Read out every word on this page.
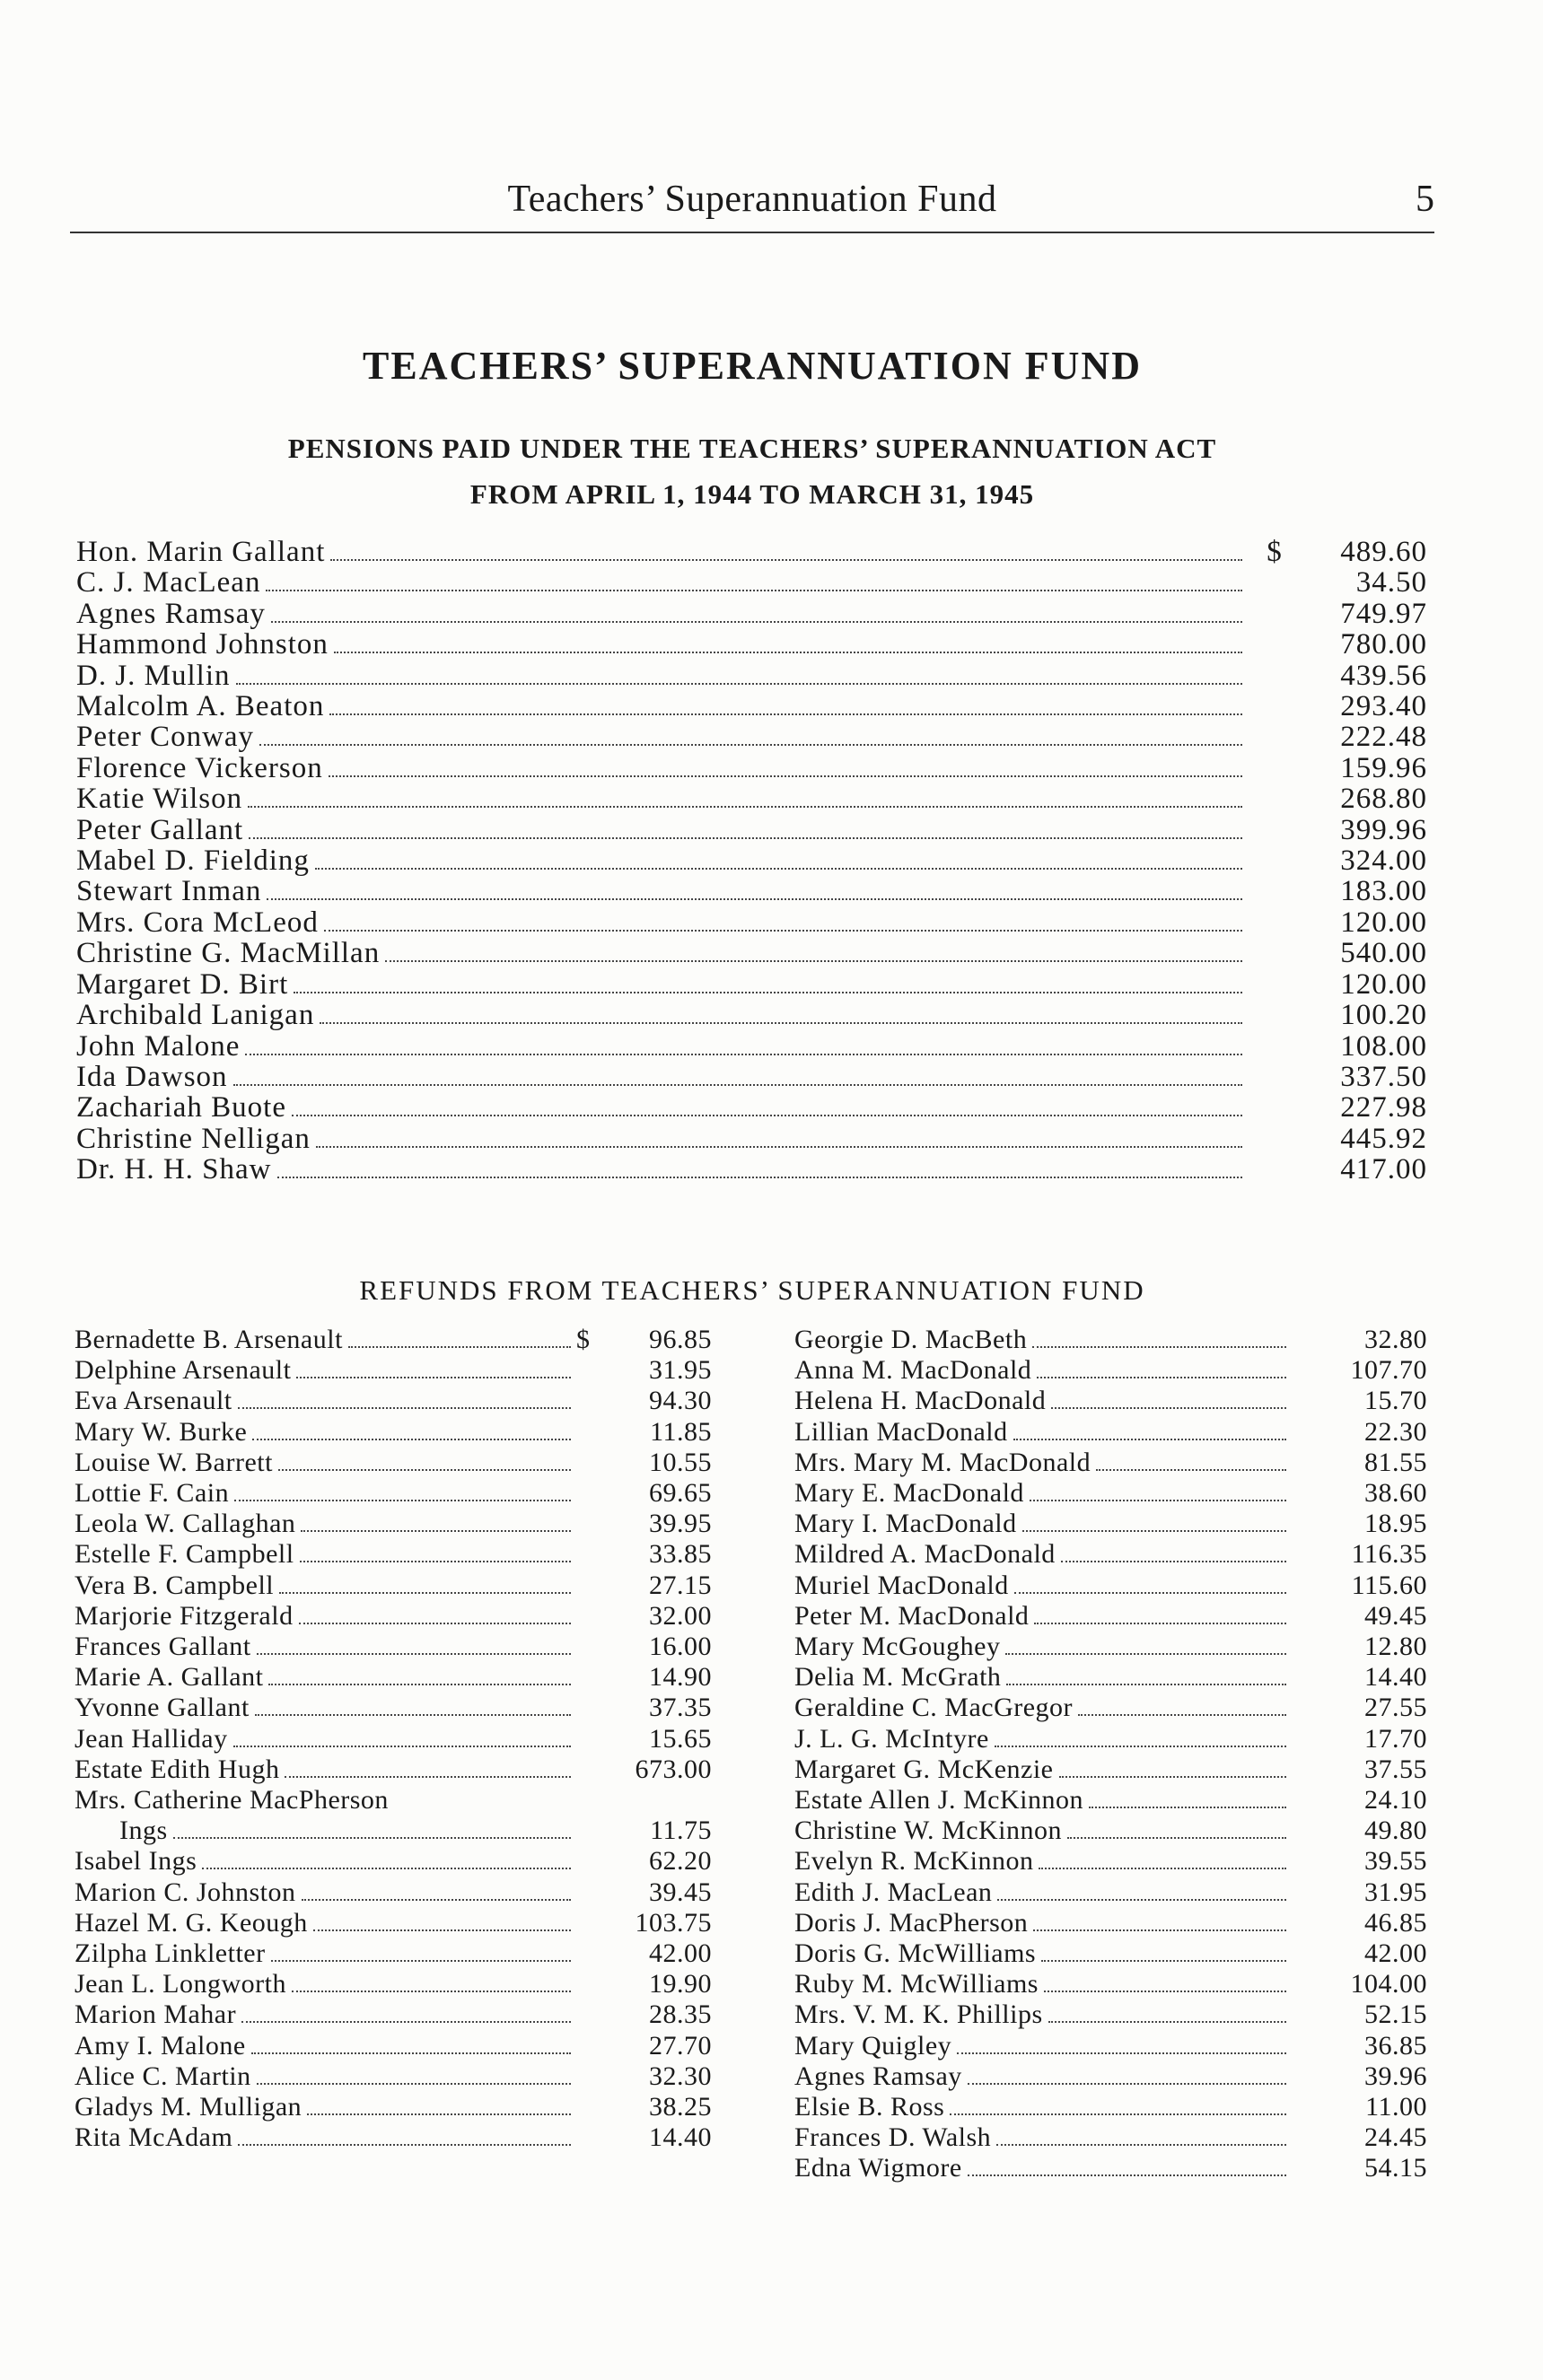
Teachers’ Superannuation Fund	5
TEACHERS’ SUPERANNUATION FUND
PENSIONS PAID UNDER THE TEACHERS’ SUPERANNUATION ACT
FROM APRIL 1, 1944 TO MARCH 31, 1945
Hon. Marin Gallant	$	489.60
C. J. MacLean	34.50
Agnes Ramsay	749.97
Hammond Johnston	780.00
D. J. Mullin	439.56
Malcolm A. Beaton	293.40
Peter Conway	222.48
Florence Vickerson	159.96
Katie Wilson	268.80
Peter Gallant	399.96
Mabel D. Fielding	324.00
Stewart Inman	183.00
Mrs. Cora McLeod	120.00
Christine G. MacMillan	540.00
Margaret D. Birt	120.00
Archibald Lanigan	100.20
John Malone	108.00
Ida Dawson	337.50
Zachariah Buote	227.98
Christine Nelligan	445.92
Dr. H. H. Shaw	417.00
REFUNDS FROM TEACHERS’ SUPERANNUATION FUND
Bernadette B. Arsenault	$	96.85
Delphine Arsenault	31.95
Eva Arsenault	94.30
Mary W. Burke	11.85
Louise W. Barrett	10.55
Lottie F. Cain	69.65
Leola W. Callaghan	39.95
Estelle F. Campbell	33.85
Vera B. Campbell	27.15
Marjorie Fitzgerald	32.00
Frances Gallant	16.00
Marie A. Gallant	14.90
Yvonne Gallant	37.35
Jean Halliday	15.65
Estate Edith Hugh	673.00
Mrs. Catherine MacPherson
Ings	11.75
Isabel Ings	62.20
Marion C. Johnston	39.45
Hazel M. G. Keough	103.75
Zilpha Linkletter	42.00
Jean L. Longworth	19.90
Marion Mahar	28.35
Amy I. Malone	27.70
Alice C. Martin	32.30
Gladys M. Mulligan	38.25
Rita McAdam	14.40
Georgie D. MacBeth	32.80
Anna M. MacDonald	107.70
Helena H. MacDonald	15.70
Lillian MacDonald	22.30
Mrs. Mary M. MacDonald	81.55
Mary E. MacDonald	38.60
Mary I. MacDonald	18.95
Mildred A. MacDonald	116.35
Muriel MacDonald	115.60
Peter M. MacDonald	49.45
Mary McGoughey	12.80
Delia M. McGrath	14.40
Geraldine C. MacGregor	27.55
J. L. G. McIntyre	17.70
Margaret G. McKenzie	37.55
Estate Allen J. McKinnon	24.10
Christine W. McKinnon	49.80
Evelyn R. McKinnon	39.55
Edith J. MacLean	31.95
Doris J. MacPherson	46.85
Doris G. McWilliams	42.00
Ruby M. McWilliams	104.00
Mrs. V. M. K. Phillips	52.15
Mary Quigley	36.85
Agnes Ramsay	39.96
Elsie B. Ross	11.00
Frances D. Walsh	24.45
Edna Wigmore	54.15
